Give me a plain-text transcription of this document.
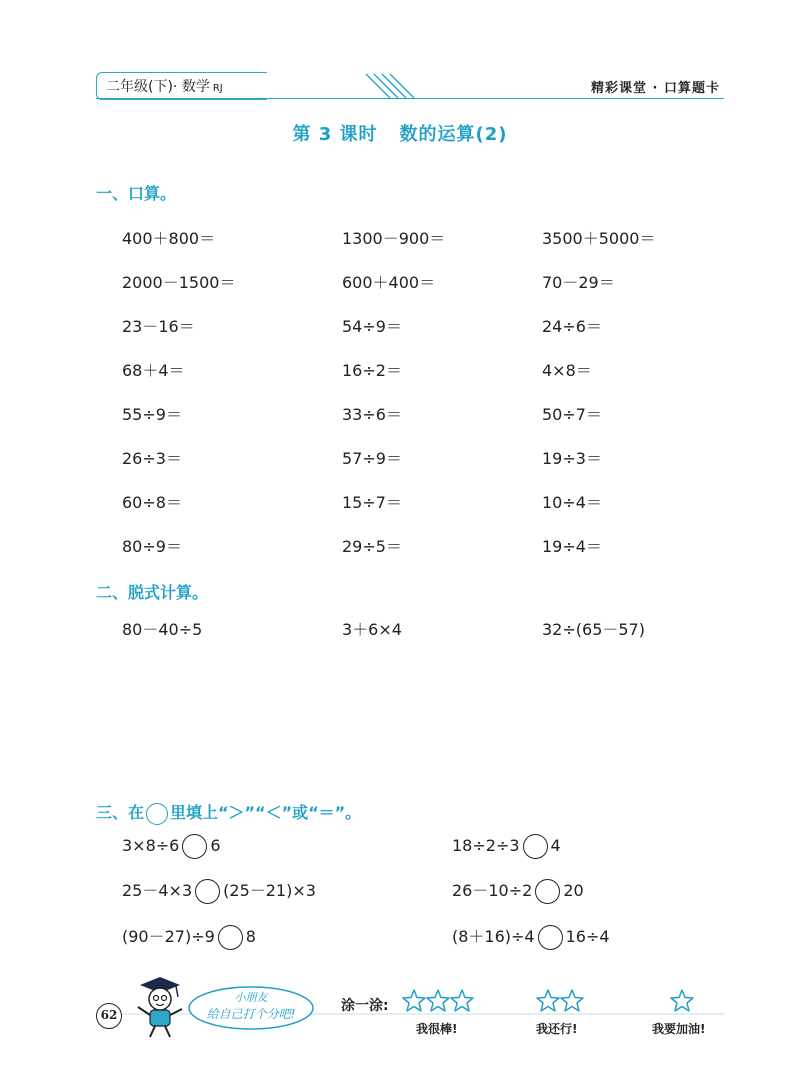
二年级(下)· 数学 RJ	精彩课堂 · 口算题卡
第 3 课时 数的运算(2)
一、口算。
400＋800＝	1300－900＝	3500＋5000＝
2000－1500＝	600＋400＝	70－29＝
23－16＝	54÷9＝	24÷6＝
68＋4＝	16÷2＝	4×8＝
55÷9＝	33÷6＝	50÷7＝
26÷3＝	57÷9＝	19÷3＝
60÷8＝	15÷7＝	10÷4＝
80÷9＝	29÷5＝	19÷4＝
二、脱式计算。
80－40÷5	3＋6×4	32÷(65－57)
三、在 里填上“＞”“＜”或“＝”。
3×8÷6 6	18÷2÷3 4
25－4×3 (25－21)×3	26－10÷2 20
(90－27)÷9 8	(8＋16)÷4 16÷4
62
小朋友
给自己打个分吧!	涂一涂:
我很棒!	我还行!	我要加油!
